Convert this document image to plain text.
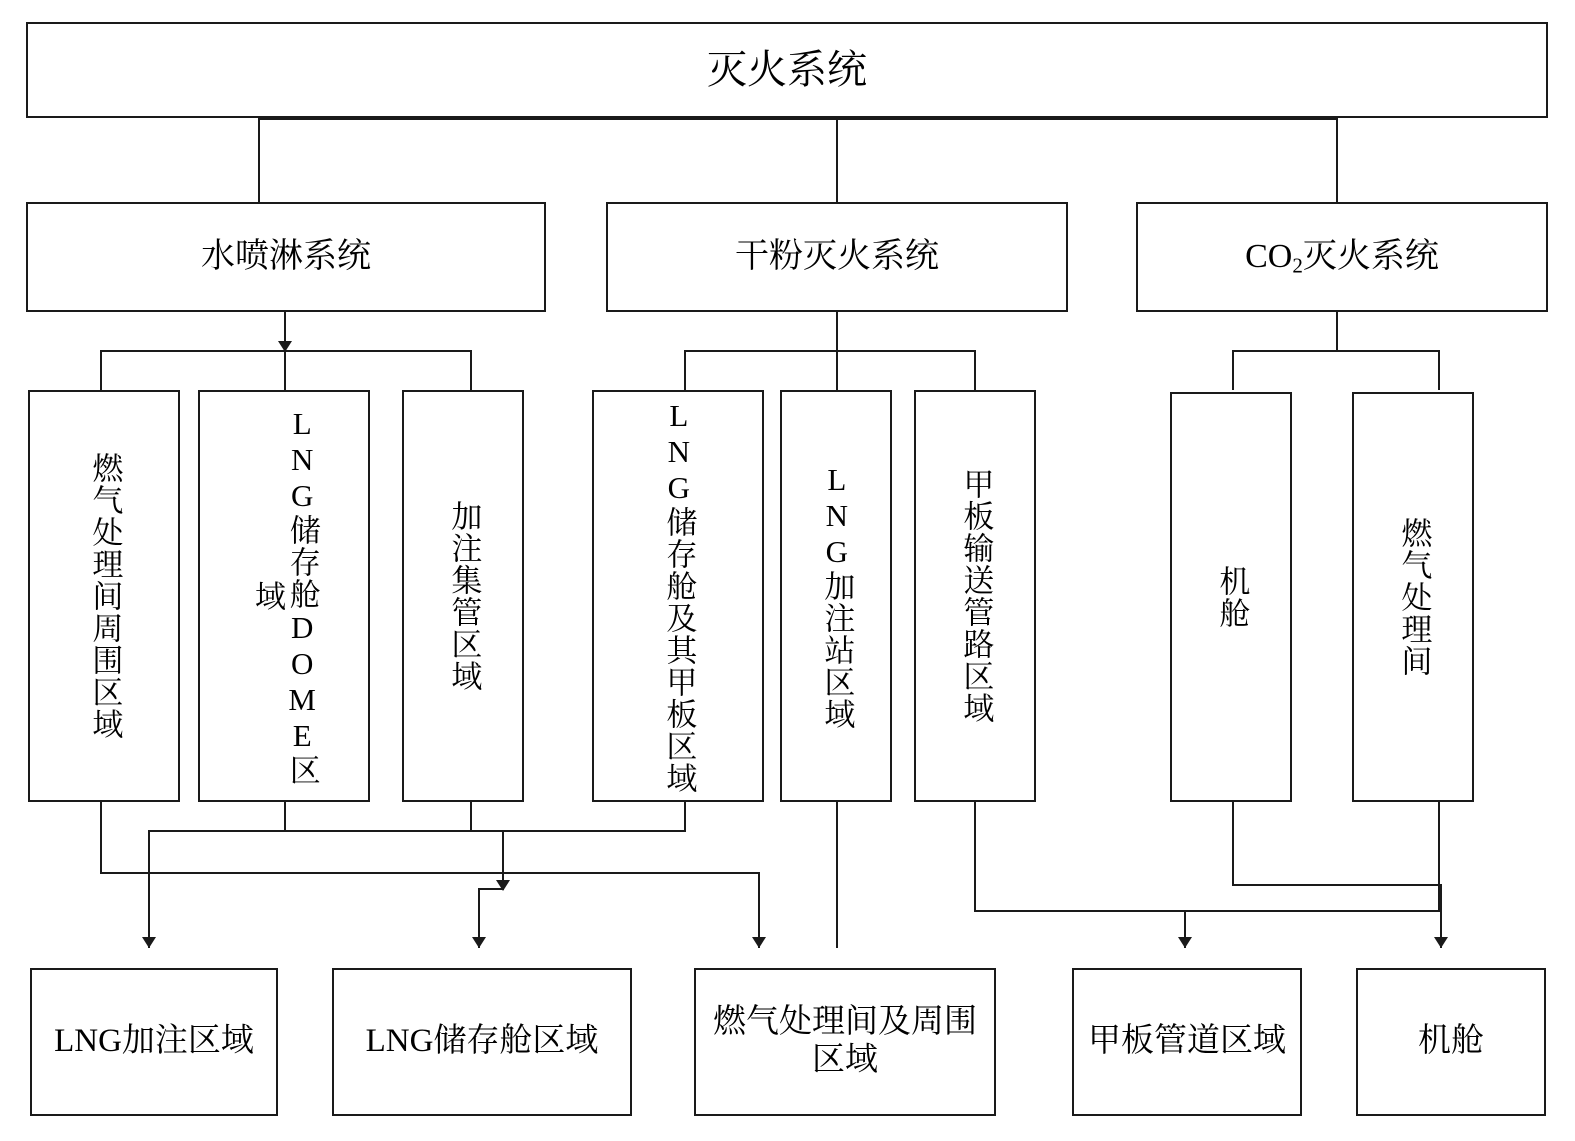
灭火系统
水喷淋系统	干粉灭火系统	$CO_2$灭火系统
燃气处理间周围区域	LNG储存舱DOME区域	加注集管区域	LNG储存舱及其甲板区域	LNG加注站区域	甲板输送管路区域	机舱	燃气处理间
LNG加注区域	LNG储存舱区域
燃气处理间及周围区域
甲板管道区域	机舱
